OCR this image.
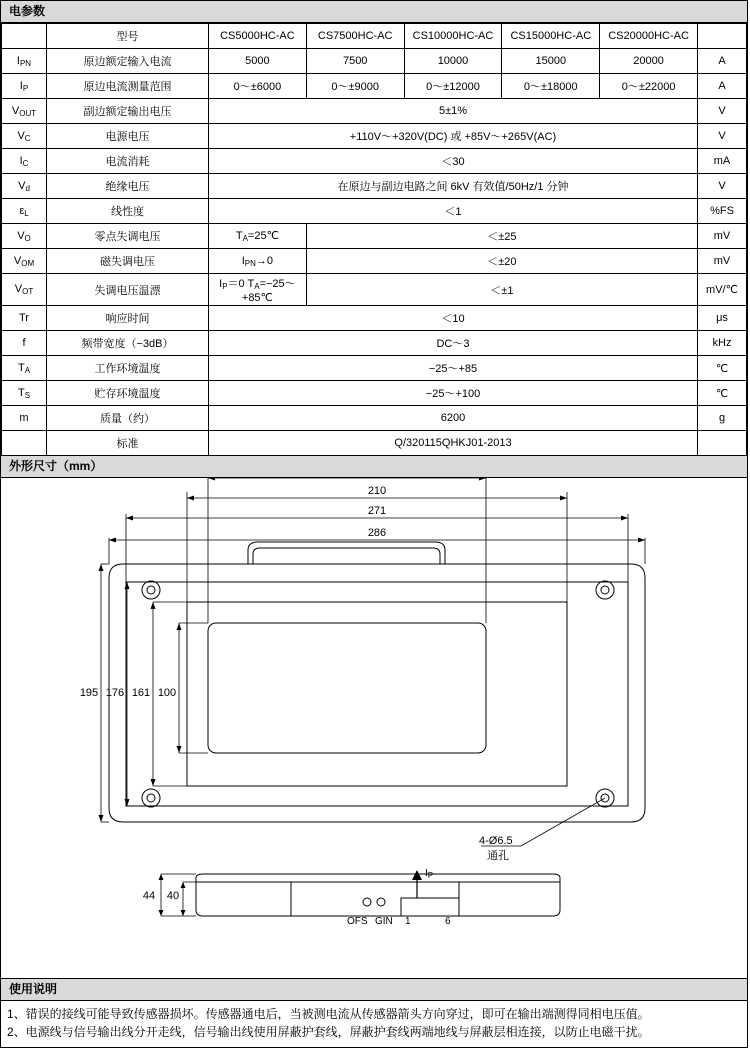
电参数
	型号	CS5000HC-AC	CS7500HC-AC	CS10000HC-AC	CS15000HC-AC	CS20000HC-AC	
$I_{PN}$	原边额定输入电流	5000	7500	10000	15000	20000	A
$I_P$	原边电流测量范围	0～±6000	0～±9000	0～±12000	0～±18000	0～±22000	A
$V_{OUT}$	副边额定输出电压	5±1%					V
$V_C$	电源电压	+110V～+320V(DC) 或 +85V～+265V(AC)					V
$I_C$	电流消耗	＜30					mA
$V_d$	绝缘电压	在原边与副边电路之间 6kV 有效值/50Hz/1 分钟					V
$\varepsilon_L$	线性度	＜1					%FS
$V_O$	零点失调电压	$T_A=25℃$	＜±25				mV
$V_{OM}$	磁失调电压	$I_{PN}\to 0$	＜±20				mV
$V_{OT}$	失调电压温漂	$I_P=0$ $T_A=-25\sim+85℃$	＜±1				mV/℃
Tr	响应时间	＜10					μs
f	频带宽度（−3dB）	DC～3					kHz
$T_A$	工作环境温度	−25～+85					℃
$T_S$	贮存环境温度	−25～+100					℃
m	质量（约）	6200					g
	标准	Q/320115QHKJ01-2013					
外形尺寸（mm）
286
271
210
195 176 161 100
4-Ø6.5
通孔
OFS GIN 1	6
$I_P$
44 40
使用说明

1、错误的接线可能导致传感器损坏。传感器通电后，当被测电流从传感器箭头方向穿过，即可在输出端测得同相电压值。

2、电源线与信号输出线分开走线，信号输出线使用屏蔽护套线，屏蔽护套线两端地线与屏蔽层相连接，以防止电磁干扰。
